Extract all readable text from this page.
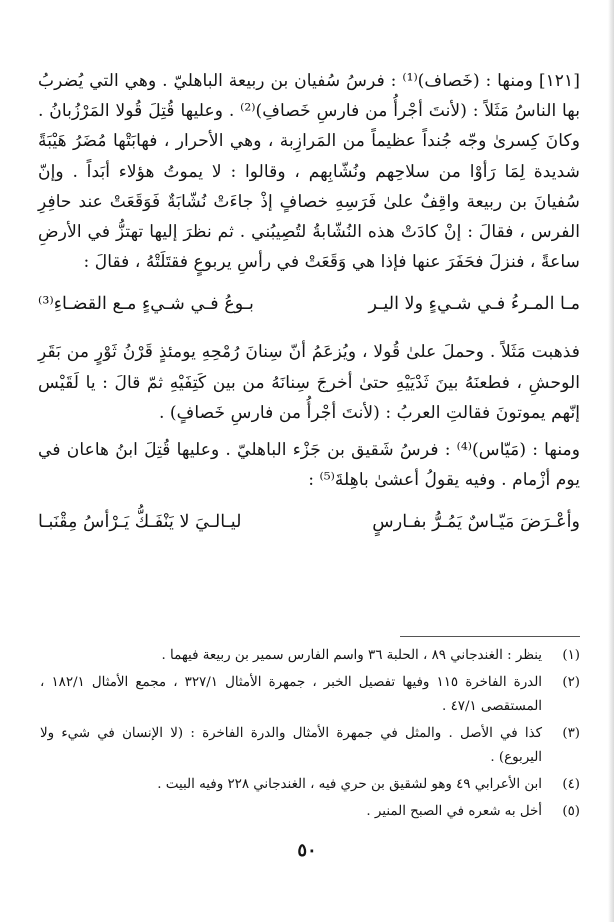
[١٢١] ومنها : (خَصاف)⁽¹⁾ : فرسُ سُفيان بن ربيعة الباهليّ . وهي التي يُضربُ بها الناسُ مَثَلاً : (لأنتَ أجْرأُ من فارسِ خَصافِ)⁽²⁾ . وعليها قُتِلَ قُولا المَرْزُبانُ . وكانَ كِسرىٰ وجّه جُنداً عظيماً من المَرازِبة ، وهي الأحرار ، فهابَتْها مُضَرُ هَيْبَةً شديدة لِمَا رَأوْا من سلاحِهم ونُشّابِهم ، وقالوا : لا يموتُ هؤلاء أبَداً . وإنّ سُفيانَ بن ربيعة واقِفٌ علىٰ فَرَسِهِ خصافٍ إذْ جاءَتْ نُشّابَةٌ فَوَقَعَتْ عند حافِرِ الفرس ، فقالَ : إنْ كادَتْ هذه النُشّابةُ لتُصِيبُني . ثم نظرَ إليها تهتزُّ في الأرضِ ساعةً ، فنزلَ فحَفَرَ عنها فإذا هي وَقَعَتْ في رأسِ يربوعٍ فقتَلَتْهُ ، فقالَ :

مـا المـرءُ فـي شـيءٍ ولا اليـر
بـوعُ فـي شـيءٍ مـع القضـاءِ⁽³⁾

فذهبت مَثَلاً . وحملَ علىٰ قُولا ، ويُزعَمُ أنّ سِنانَ رُمْحِهِ يومئذٍ قَرْنُ ثَوْرٍ من بَقَرِ الوحشِ ، فطعنَهُ بينَ ثَدْيَيْهِ حتىٰ أخرجَ سِنانَهُ من بين كَتِفَيْهِ ثمّ قالَ : يا لَقَيْس إنّهم يموتونَ فقالتِ العربُ : (لأنتَ أجْرأُ من فارسِ خَصافٍ) .

ومنها : (مَيّاس)⁽⁴⁾ : فرسُ شَقيق بن جَزْء الباهليّ . وعليها قُتِلَ ابنُ هاعان في يوم أزْمام . وفيه يقولُ أعشىٰ باهِلةَ⁽⁵⁾ :

وأعْـرَضَ مَيّـاسٌ يَمُـرُّ بفـارسٍ
ليـالـيَ لا يَنْفَـكُّ يَـرْأسُ مِقْنَبـا
(١)
ينظر : الغندجاني ٨٩ ، الحلبة ٣٦ واسم الفارس سمير بن ربيعة فيهما .
(٢)
الدرة الفاخرة ١١٥ وفيها تفصيل الخبر ، جمهرة الأمثال ٣٢٧/١ ، مجمع الأمثال ١٨٢/١ ، المستقصى ٤٧/١ .
(٣)
كذا في الأصل . والمثل في جمهرة الأمثال والدرة الفاخرة : (لا الإنسان في شيء ولا اليربوع) .
(٤)
ابن الأعرابي ٤٩ وهو لشقيق بن حري فيه ، الغندجاني ٢٢٨ وفيه البيت .
(٥)
أخل به شعره في الصبح المنير .
٥٠
